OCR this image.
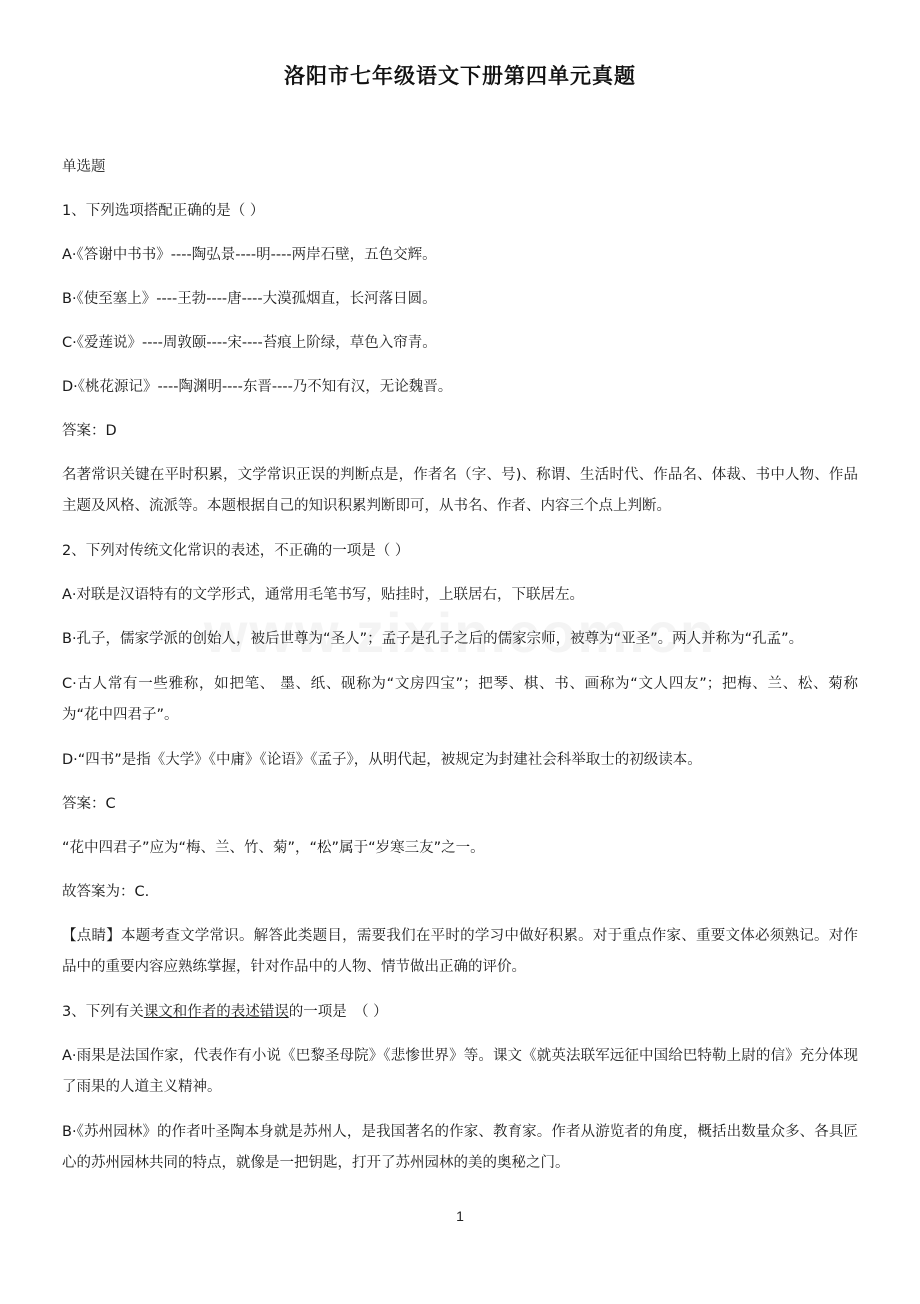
洛阳市七年级语文下册第四单元真题
单选题
1、下列选项搭配正确的是（ ）
A·《答谢中书书》----陶弘景----明----两岸石壁，五色交辉。
B·《使至塞上》----王勃----唐----大漠孤烟直，长河落日圆。
C·《爱莲说》----周敦颐----宋----苔痕上阶绿，草色入帘青。
D·《桃花源记》----陶渊明----东晋----乃不知有汉，无论魏晋。
答案：D
名著常识关键在平时积累，文学常识正误的判断点是，作者名（字、号)、称谓、生活时代、作品名、体裁、书中人物、作品主题及风格、流派等。本题根据自己的知识积累判断即可，从书名、作者、内容三个点上判断。
2、下列对传统文化常识的表述，不正确的一项是（ ）
A·对联是汉语特有的文学形式，通常用毛笔书写，贴挂时，上联居右，下联居左。
B·孔子，儒家学派的创始人，被后世尊为“圣人”；孟子是孔子之后的儒家宗师，被尊为“亚圣”。两人并称为“孔孟”。
C·古人常有一些雅称，如把笔、 墨、纸、砚称为“文房四宝”；把琴、棋、书、画称为“文人四友”；把梅、兰、松、菊称为“花中四君子”。
D·“四书”是指《大学》《中庸》《论语》《孟子》，从明代起，被规定为封建社会科举取士的初级读本。
答案：C
“花中四君子”应为“梅、兰、竹、菊”，“松”属于“岁寒三友”之一。
故答案为：C.
【点睛】本题考查文学常识。解答此类题目，需要我们在平时的学习中做好积累。对于重点作家、重要文体必须熟记。对作品中的重要内容应熟练掌握，针对作品中的人物、情节做出正确的评价。
3、下列有关课文和作者的表述错误的一项是　（ ）
A·雨果是法国作家，代表作有小说《巴黎圣母院》《悲惨世界》等。课文《就英法联军远征中国给巴特勒上尉的信》充分体现了雨果的人道主义精神。
B·《苏州园林》的作者叶圣陶本身就是苏州人，是我国著名的作家、教育家。作者从游览者的角度，概括出数量众多、各具匠心的苏州园林共同的特点，就像是一把钥匙，打开了苏州园林的美的奥秘之门。
1
